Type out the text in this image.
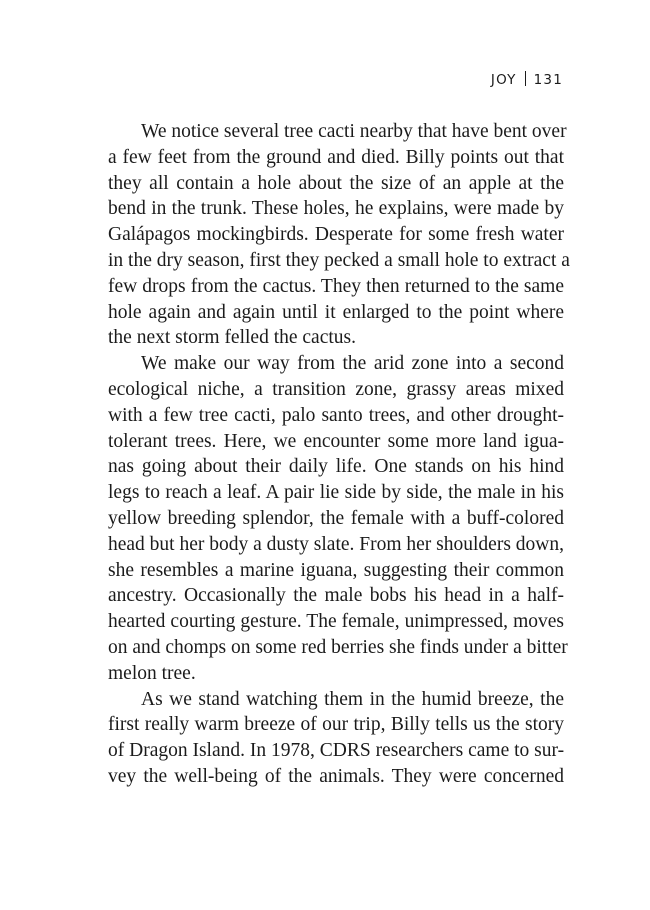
JOY 131
We notice several tree cacti nearby that have bent over
a few feet from the ground and died. Billy points out that
they all contain a hole about the size of an apple at the
bend in the trunk. These holes, he explains, were made by
Galápagos mockingbirds. Desperate for some fresh water
in the dry season, first they pecked a small hole to extract a
few drops from the cactus. They then returned to the same
hole again and again until it enlarged to the point where
the next storm felled the cactus.
We make our way from the arid zone into a second
ecological niche, a transition zone, grassy areas mixed
with a few tree cacti, palo santo trees, and other drought-
tolerant trees. Here, we encounter some more land igua-
nas going about their daily life. One stands on his hind
legs to reach a leaf. A pair lie side by side, the male in his
yellow breeding splendor, the female with a buff-colored
head but her body a dusty slate. From her shoulders down,
she resembles a marine iguana, suggesting their common
ancestry. Occasionally the male bobs his head in a half-
hearted courting gesture. The female, unimpressed, moves
on and chomps on some red berries she finds under a bitter
melon tree.
As we stand watching them in the humid breeze, the
first really warm breeze of our trip, Billy tells us the story
of Dragon Island. In 1978, CDRS researchers came to sur-
vey the well-being of the animals. They were concerned
